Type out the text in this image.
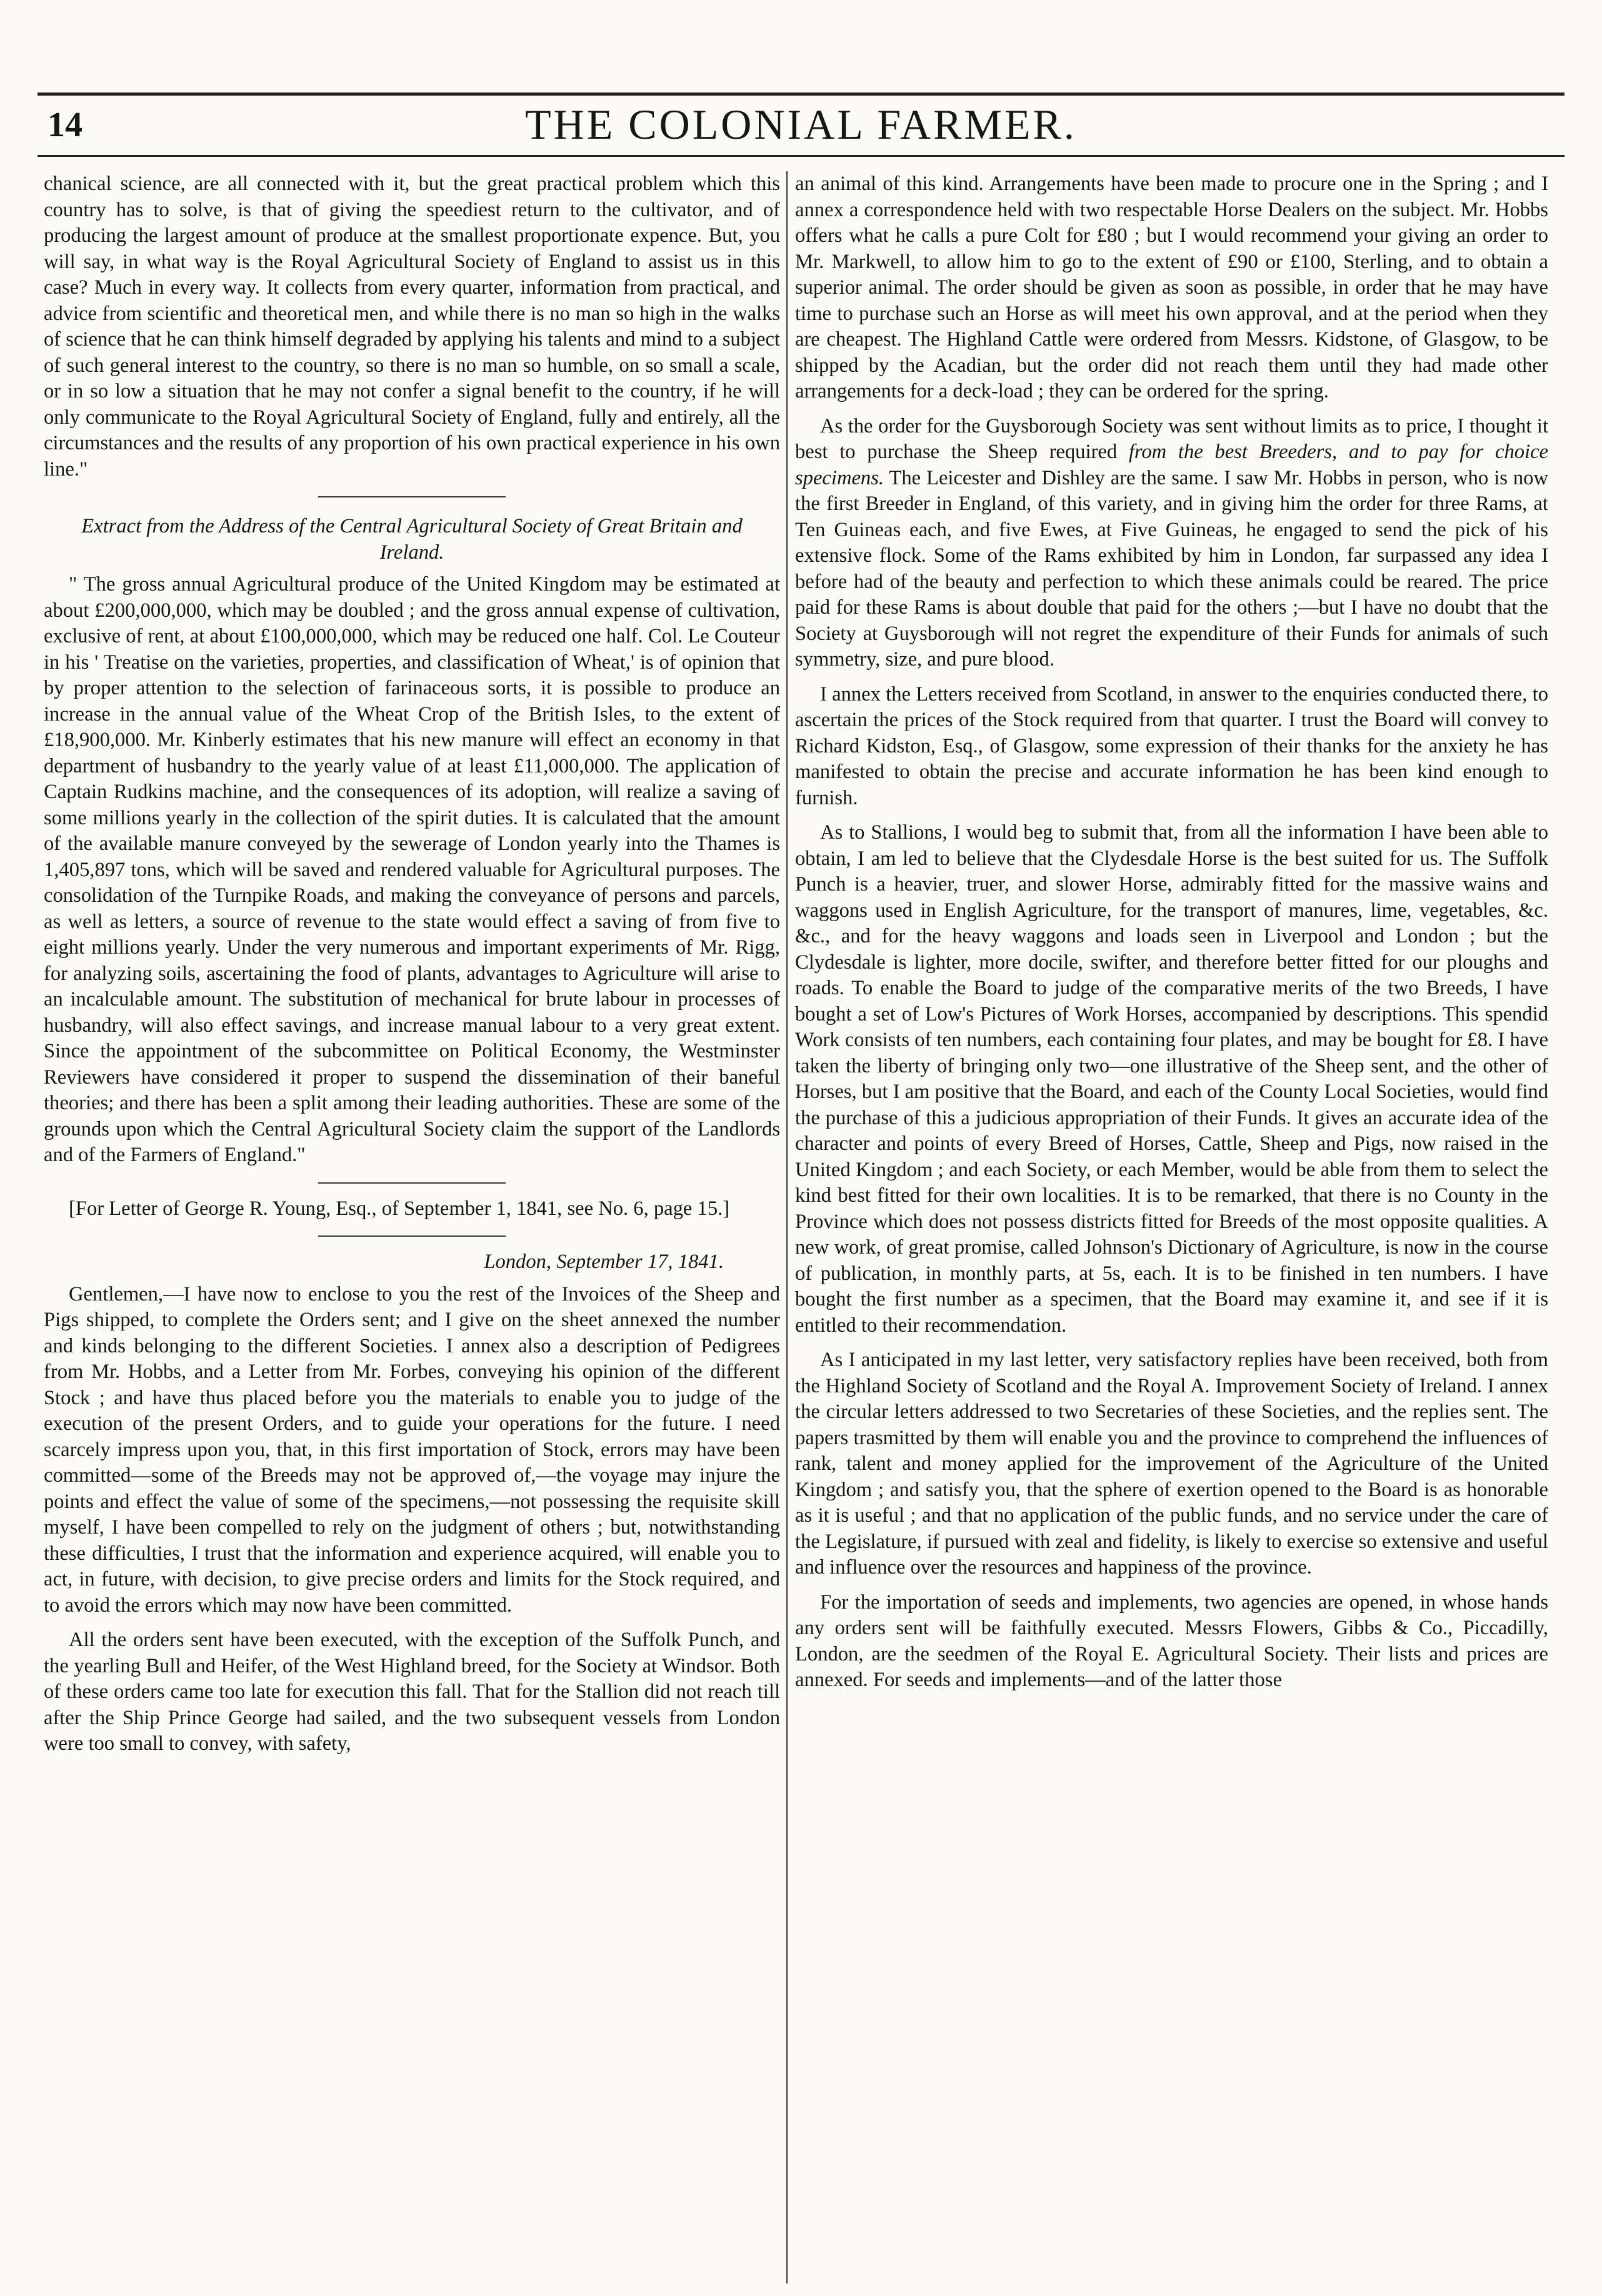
14	THE COLONIAL FARMER.

chanical science, are all connected with it, but the great practical problem which this country has to solve, is that of giving the speediest return to the cultivator, and of producing the largest amount of produce at the smallest proportionate expence. But, you will say, in what way is the Royal Agricultural Society of England to assist us in this case? Much in every way. It collects from every quarter, information from practical, and advice from scientific and theoretical men, and while there is no man so high in the walks of science that he can think himself degraded by applying his talents and mind to a subject of such general interest to the country, so there is no man so humble, on so small a scale, or in so low a situation that he may not confer a signal benefit to the country, if he will only communicate to the Royal Agricultural Society of England, fully and entirely, all the circumstances and the results of any proportion of his own practical experience in his own line."

Extract from the Address of the Central Agricultural Society of Great Britain and Ireland.

" The gross annual Agricultural produce of the United Kingdom may be estimated at about £200,000,000, which may be doubled ; and the gross annual expense of cultivation, exclusive of rent, at about £100,000,000, which may be reduced one half. Col. Le Couteur in his ' Treatise on the varieties, properties, and classification of Wheat,' is of opinion that by proper attention to the selection of farinaceous sorts, it is possible to produce an increase in the annual value of the Wheat Crop of the British Isles, to the extent of £18,900,000. Mr. Kinberly estimates that his new manure will effect an economy in that department of husbandry to the yearly value of at least £11,000,000. The application of Captain Rudkins machine, and the consequences of its adoption, will realize a saving of some millions yearly in the collection of the spirit duties. It is calculated that the amount of the available manure conveyed by the sewerage of London yearly into the Thames is 1,405,897 tons, which will be saved and rendered valuable for Agricultural purposes. The consolidation of the Turnpike Roads, and making the conveyance of persons and parcels, as well as letters, a source of revenue to the state would effect a saving of from five to eight millions yearly. Under the very numerous and important experiments of Mr. Rigg, for analyzing soils, ascertaining the food of plants, advantages to Agriculture will arise to an incalculable amount. The substitution of mechanical for brute labour in processes of husbandry, will also effect savings, and increase manual labour to a very great extent. Since the appointment of the subcommittee on Political Economy, the Westminster Reviewers have considered it proper to suspend the dissemination of their baneful theories; and there has been a split among their leading authorities. These are some of the grounds upon which the Central Agricultural Society claim the support of the Landlords and of the Farmers of England."

[For Letter of George R. Young, Esq., of September 1, 1841, see No. 6, page 15.]

London, September 17, 1841.

Gentlemen,—I have now to enclose to you the rest of the Invoices of the Sheep and Pigs shipped, to complete the Orders sent; and I give on the sheet annexed the number and kinds belonging to the different Societies. I annex also a description of Pedigrees from Mr. Hobbs, and a Letter from Mr. Forbes, conveying his opinion of the different Stock ; and have thus placed before you the materials to enable you to judge of the execution of the present Orders, and to guide your operations for the future. I need scarcely impress upon you, that, in this first importation of Stock, errors may have been committed—some of the Breeds may not be approved of,—the voyage may injure the points and effect the value of some of the specimens,—not possessing the requisite skill myself, I have been compelled to rely on the judgment of others ; but, notwithstanding these difficulties, I trust that the information and experience acquired, will enable you to act, in future, with decision, to give precise orders and limits for the Stock required, and to avoid the errors which may now have been committed.

All the orders sent have been executed, with the exception of the Suffolk Punch, and the yearling Bull and Heifer, of the West Highland breed, for the Society at Windsor. Both of these orders came too late for execution this fall. That for the Stallion did not reach till after the Ship Prince George had sailed, and the two subsequent vessels from London were too small to convey, with safety,

an animal of this kind. Arrangements have been made to procure one in the Spring ; and I annex a correspondence held with two respectable Horse Dealers on the subject. Mr. Hobbs offers what he calls a pure Colt for £80 ; but I would recommend your giving an order to Mr. Markwell, to allow him to go to the extent of £90 or £100, Sterling, and to obtain a superior animal. The order should be given as soon as possible, in order that he may have time to purchase such an Horse as will meet his own approval, and at the period when they are cheapest. The Highland Cattle were ordered from Messrs. Kidstone, of Glasgow, to be shipped by the Acadian, but the order did not reach them until they had made other arrangements for a deck-load ; they can be ordered for the spring.

As the order for the Guysborough Society was sent without limits as to price, I thought it best to purchase the Sheep required from the best Breeders, and to pay for choice specimens. The Leicester and Dishley are the same. I saw Mr. Hobbs in person, who is now the first Breeder in England, of this variety, and in giving him the order for three Rams, at Ten Guineas each, and five Ewes, at Five Guineas, he engaged to send the pick of his extensive flock. Some of the Rams exhibited by him in London, far surpassed any idea I before had of the beauty and perfection to which these animals could be reared. The price paid for these Rams is about double that paid for the others ;—but I have no doubt that the Society at Guysborough will not regret the expenditure of their Funds for animals of such symmetry, size, and pure blood.

I annex the Letters received from Scotland, in answer to the enquiries conducted there, to ascertain the prices of the Stock required from that quarter. I trust the Board will convey to Richard Kidston, Esq., of Glasgow, some expression of their thanks for the anxiety he has manifested to obtain the precise and accurate information he has been kind enough to furnish.

As to Stallions, I would beg to submit that, from all the information I have been able to obtain, I am led to believe that the Clydesdale Horse is the best suited for us. The Suffolk Punch is a heavier, truer, and slower Horse, admirably fitted for the massive wains and waggons used in English Agriculture, for the transport of manures, lime, vegetables, &c. &c., and for the heavy waggons and loads seen in Liverpool and London ; but the Clydesdale is lighter, more docile, swifter, and therefore better fitted for our ploughs and roads. To enable the Board to judge of the comparative merits of the two Breeds, I have bought a set of Low's Pictures of Work Horses, accompanied by descriptions. This spendid Work consists of ten numbers, each containing four plates, and may be bought for £8. I have taken the liberty of bringing only two—one illustrative of the Sheep sent, and the other of Horses, but I am positive that the Board, and each of the County Local Societies, would find the purchase of this a judicious appropriation of their Funds. It gives an accurate idea of the character and points of every Breed of Horses, Cattle, Sheep and Pigs, now raised in the United Kingdom ; and each Society, or each Member, would be able from them to select the kind best fitted for their own localities. It is to be remarked, that there is no County in the Province which does not possess districts fitted for Breeds of the most opposite qualities. A new work, of great promise, called Johnson's Dictionary of Agriculture, is now in the course of publication, in monthly parts, at 5s, each. It is to be finished in ten numbers. I have bought the first number as a specimen, that the Board may examine it, and see if it is entitled to their recommendation.

As I anticipated in my last letter, very satisfactory replies have been received, both from the Highland Society of Scotland and the Royal A. Improvement Society of Ireland. I annex the circular letters addressed to two Secretaries of these Societies, and the replies sent. The papers trasmitted by them will enable you and the province to comprehend the influences of rank, talent and money applied for the improvement of the Agriculture of the United Kingdom ; and satisfy you, that the sphere of exertion opened to the Board is as honorable as it is useful ; and that no application of the public funds, and no service under the care of the Legislature, if pursued with zeal and fidelity, is likely to exercise so extensive and useful and influence over the resources and happiness of the province.

For the importation of seeds and implements, two agencies are opened, in whose hands any orders sent will be faithfully executed. Messrs Flowers, Gibbs & Co., Piccadilly, London, are the seedmen of the Royal E. Agricultural Society. Their lists and prices are annexed. For seeds and implements—and of the latter those
